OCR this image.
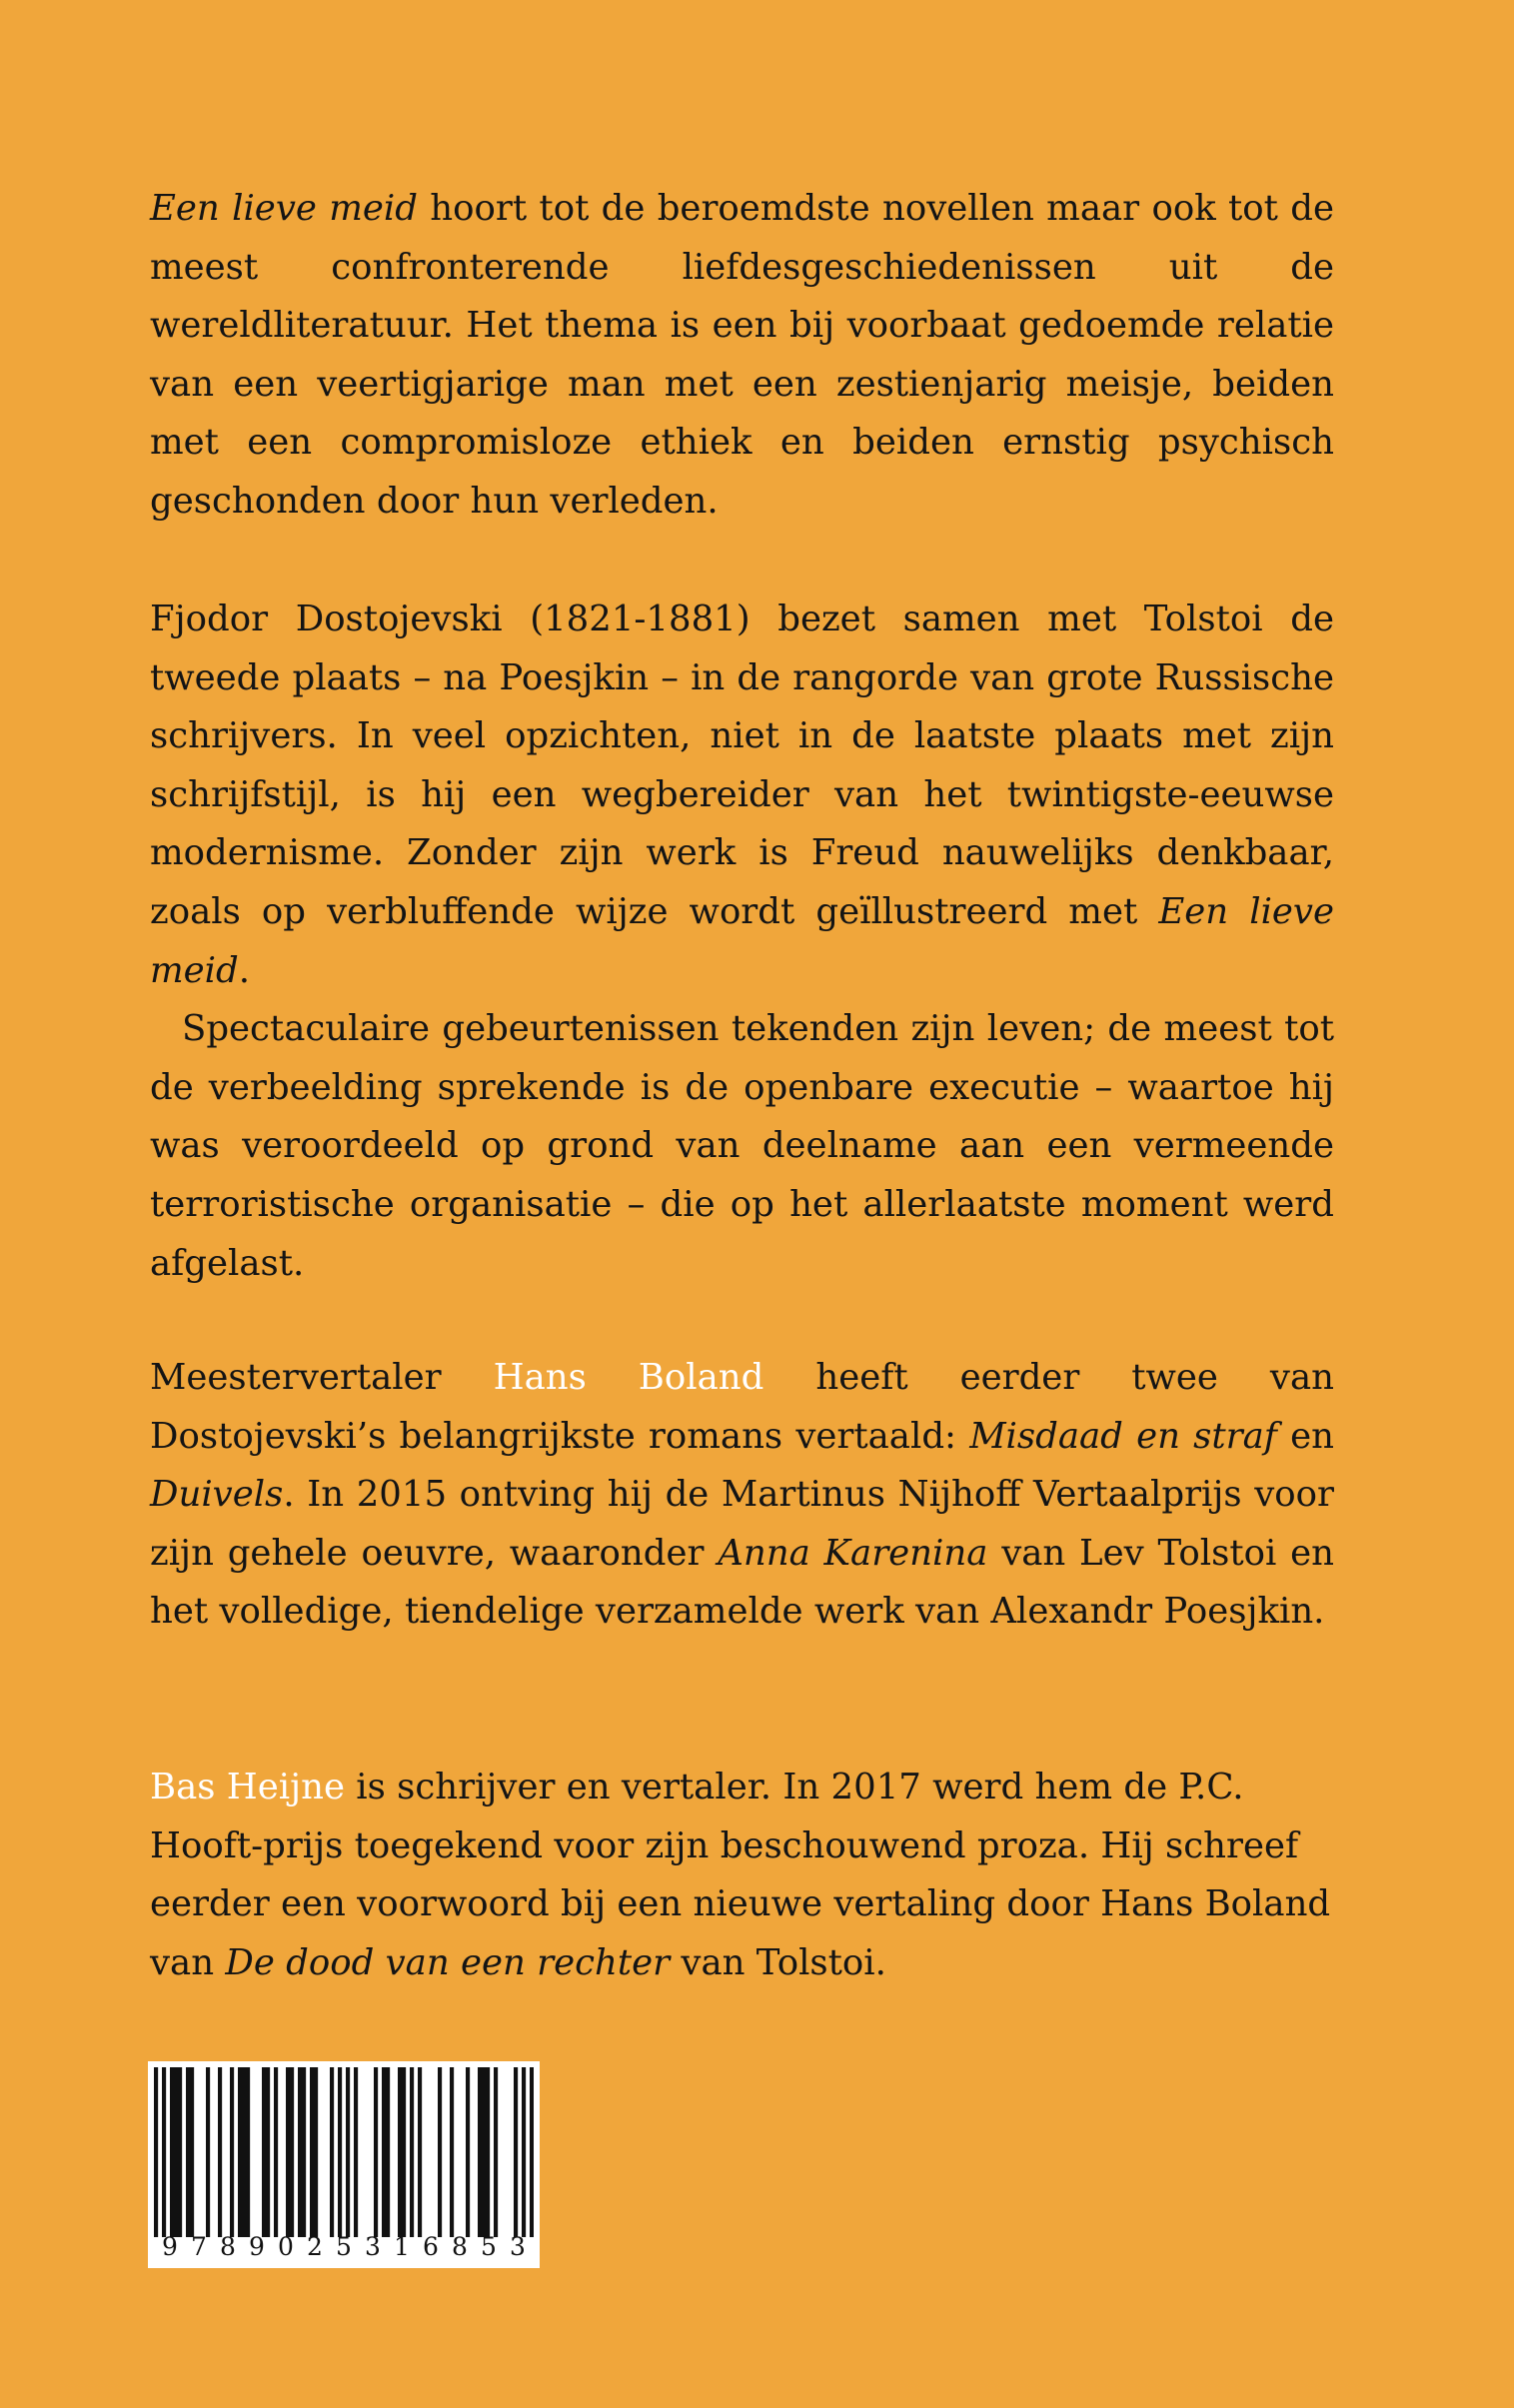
Een lieve meid hoort tot de beroemdste novellen maar ook tot de meest confronterende liefdesgeschiedenissen uit de wereldliteratuur. Het thema is een bij voorbaat gedoemde relatie van een veertigjarige man met een zestienjarig meisje, beiden met een compromisloze ethiek en beiden ernstig psychisch geschonden door hun verleden.

Fjodor Dostojevski (1821-1881) bezet samen met Tolstoi de tweede plaats – na Poesjkin – in de rangorde van grote Russische schrijvers. In veel opzichten, niet in de laatste plaats met zijn schrijfstijl, is hij een wegbereider van het twintigste-eeuwse modernisme. Zonder zijn werk is Freud nauwelijks denkbaar, zoals op verbluffende wijze wordt geïllustreerd met Een lieve meid.

Spectaculaire gebeurtenissen tekenden zijn leven; de meest tot de verbeelding sprekende is de openbare executie – waartoe hij was veroordeeld op grond van deelname aan een vermeende terroristische organisatie – die op het allerlaatste moment werd afgelast.

Meestervertaler Hans Boland heeft eerder twee van Dostojevski’s belangrijkste romans vertaald: Misdaad en straf en Duivels. In 2015 ontving hij de Martinus Nijhoff Vertaalprijs voor zijn gehele oeuvre, waaronder Anna Karenina van Lev Tolstoi en het volledige, tiendelige verzamelde werk van Alexandr Poesjkin.

Bas Heijne is schrijver en vertaler. In 2017 werd hem de P.C. Hooft-prijs toegekend voor zijn beschouwend proza. Hij schreef eerder een voorwoord bij een nieuwe vertaling door Hans Boland van De dood van een rechter van Tolstoi.

9 7 8 9 0 2 5 3 1 6 8 5 3
